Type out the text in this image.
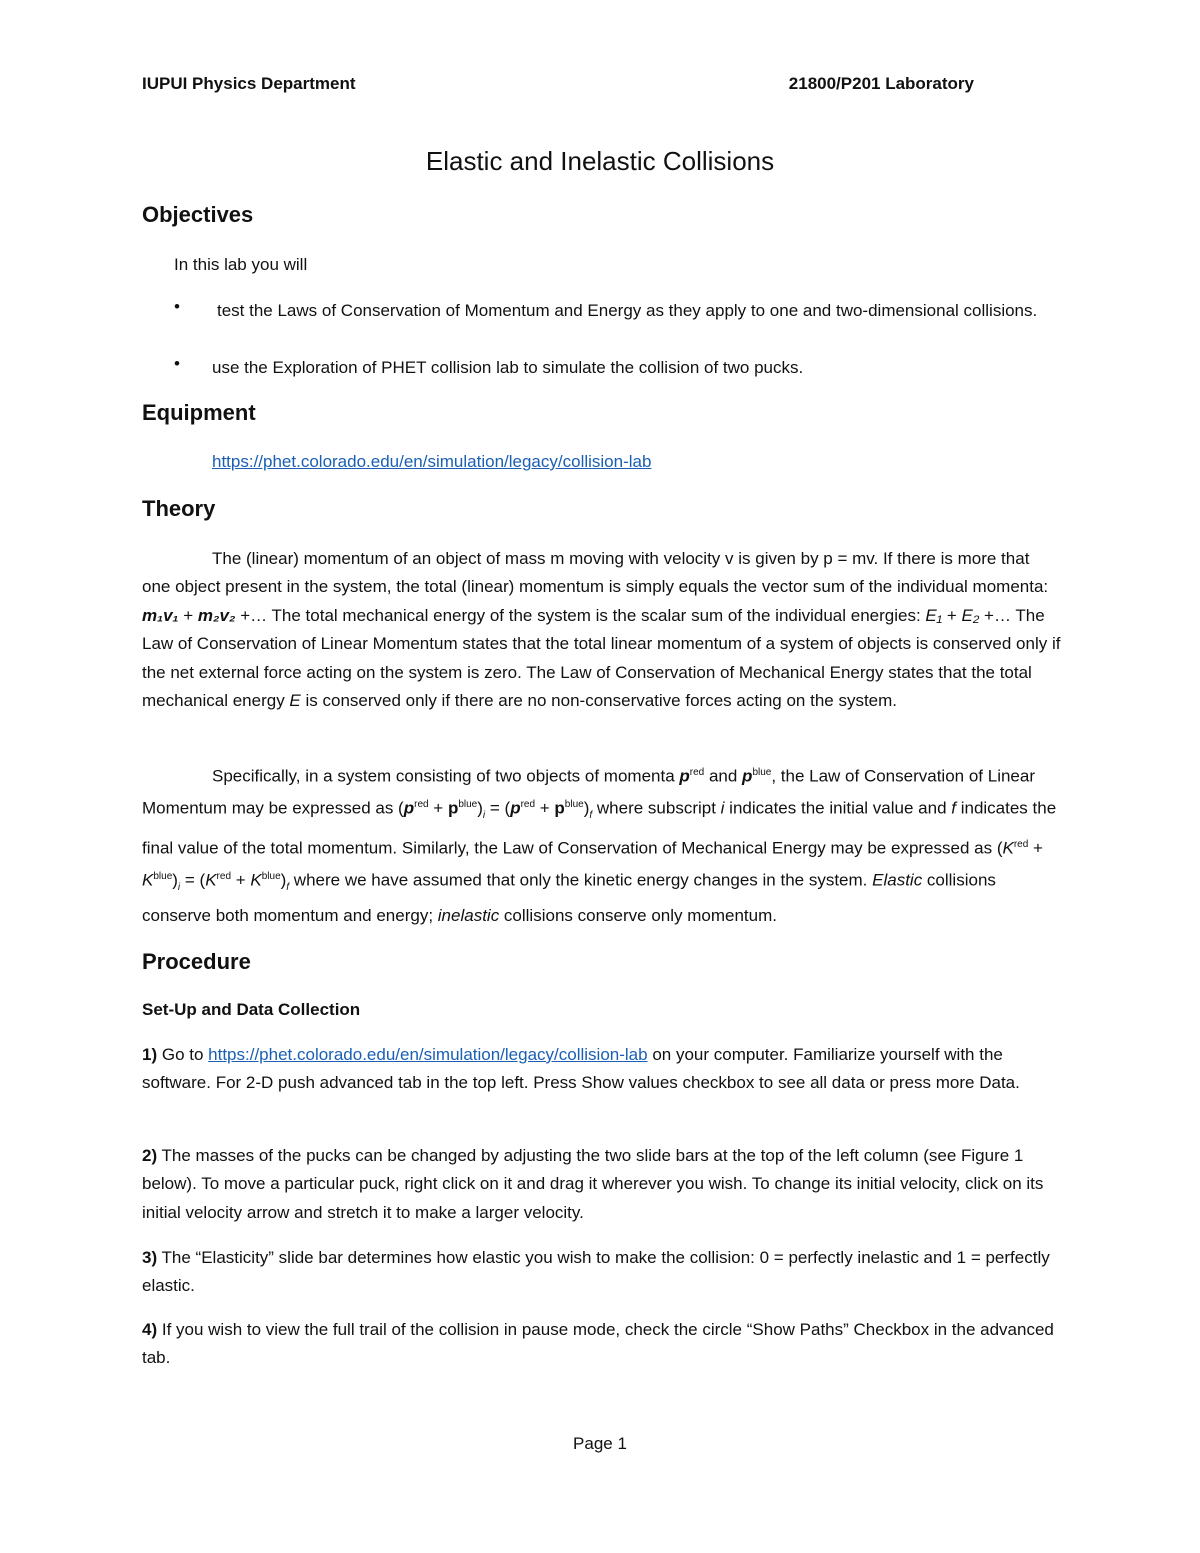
IUPUI Physics Department	21800/P201 Laboratory
Elastic and Inelastic Collisions
Objectives
In this lab you will
• test the Laws of Conservation of Momentum and Energy as they apply to one and two-dimensional collisions.
• use the Exploration of PHET collision lab to simulate the collision of two pucks.
Equipment
https://phet.colorado.edu/en/simulation/legacy/collision-lab
Theory
The (linear) momentum of an object of mass m moving with velocity v is given by p = mv. If there is more that one object present in the system, the total (linear) momentum is simply equals the vector sum of the individual momenta: m₁v₁ + m₂v₂ +… The total mechanical energy of the system is the scalar sum of the individual energies: E₁ + E₂ +… The Law of Conservation of Linear Momentum states that the total linear momentum of a system of objects is conserved only if the net external force acting on the system is zero. The Law of Conservation of Mechanical Energy states that the total mechanical energy E is conserved only if there are no non-conservative forces acting on the system.
Specifically, in a system consisting of two objects of momenta $p^{red}$ and $p^{blue}$, the Law of Conservation of Linear Momentum may be expressed as $(p^{red} + p^{blue})_i = (p^{red} + p^{blue})_f$ where subscript i indicates the initial value and f indicates the final value of the total momentum. Similarly, the Law of Conservation of Mechanical Energy may be expressed as $(K^{red} + K^{blue})_i = (K^{red} + K^{blue})_f$ where we have assumed that only the kinetic energy changes in the system. Elastic collisions conserve both momentum and energy; inelastic collisions conserve only momentum.
Procedure
Set-Up and Data Collection
1) Go to https://phet.colorado.edu/en/simulation/legacy/collision-lab on your computer. Familiarize yourself with the software. For 2-D push advanced tab in the top left. Press Show values checkbox to see all data or press more Data.
2) The masses of the pucks can be changed by adjusting the two slide bars at the top of the left column (see Figure 1 below). To move a particular puck, right click on it and drag it wherever you wish. To change its initial velocity, click on its initial velocity arrow and stretch it to make a larger velocity.
3) The “Elasticity” slide bar determines how elastic you wish to make the collision: 0 = perfectly inelastic and 1 = perfectly elastic.
4) If you wish to view the full trail of the collision in pause mode, check the circle “Show Paths” Checkbox in the advanced tab.
Page 1
